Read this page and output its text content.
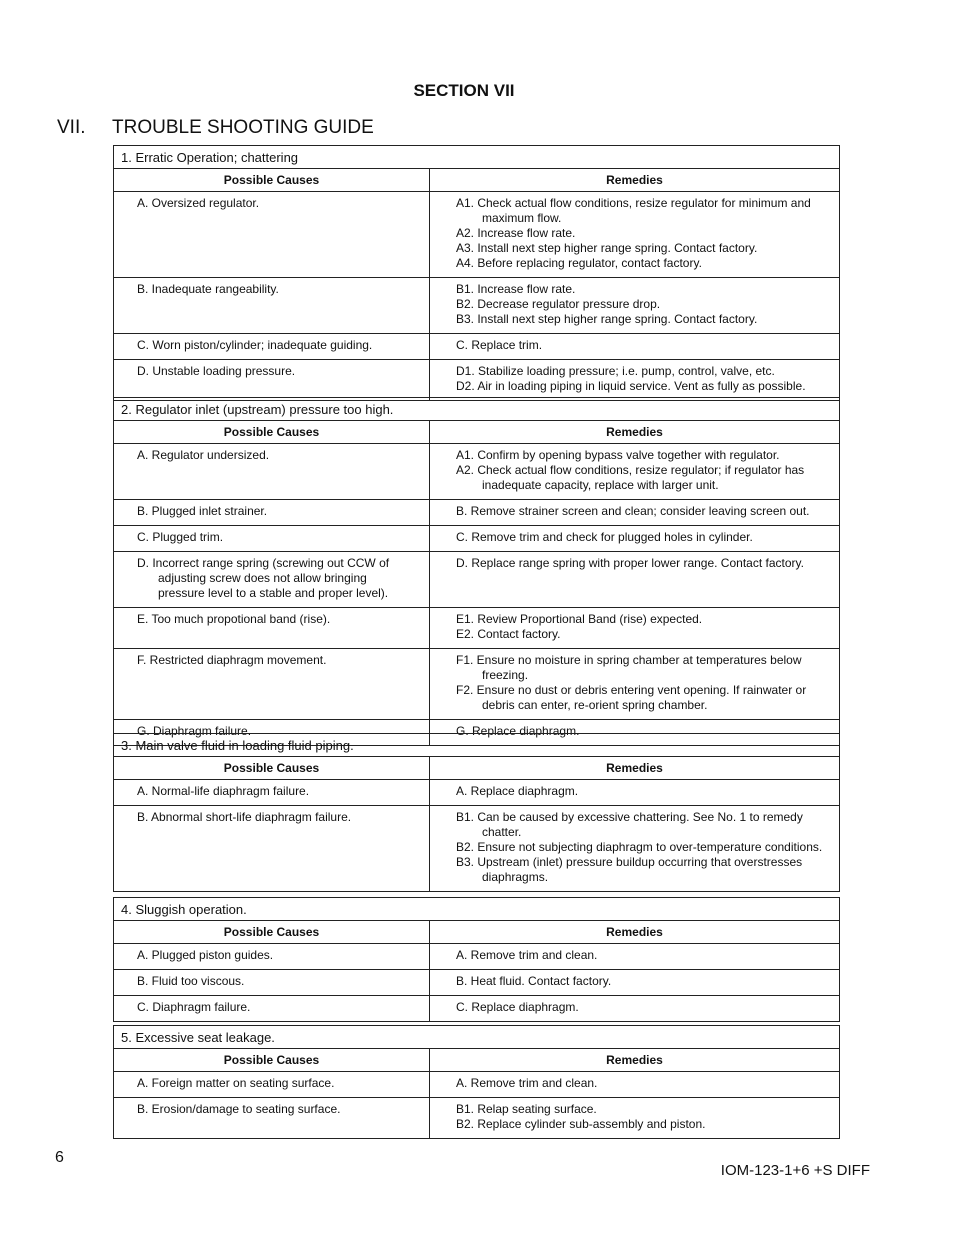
SECTION VII
VII. TROUBLE SHOOTING GUIDE
1. Erratic Operation; chattering
Possible Causes	Remedies

A. Oversized regulator.	A1. Check actual flow conditions, resize regulator for minimum and maximum flow.
A2. Increase flow rate.
A3. Install next step higher range spring. Contact factory.
A4. Before replacing regulator, contact factory.

B. Inadequate rangeability.	B1. Increase flow rate.
B2. Decrease regulator pressure drop.
B3. Install next step higher range spring. Contact factory.

C. Worn piston/cylinder; inadequate guiding.	C. Replace trim.

D. Unstable loading pressure.	D1. Stabilize loading pressure; i.e. pump, control, valve, etc.
D2. Air in loading piping in liquid service. Vent as fully as possible.
2. Regulator inlet (upstream) pressure too high.
Possible Causes	Remedies

A. Regulator undersized.	A1. Confirm by opening bypass valve together with regulator.
A2. Check actual flow conditions, resize regulator; if regulator has inadequate capacity, replace with larger unit.

B. Plugged inlet strainer.	B. Remove strainer screen and clean; consider leaving screen out.

C. Plugged trim.	C. Remove trim and check for plugged holes in cylinder.

D. Incorrect range spring (screwing out CCW of adjusting screw does not allow bringing pressure level to a stable and proper level).	D. Replace range spring with proper lower range. Contact factory.

E. Too much propotional band (rise).	E1. Review Proportional Band (rise) expected.
E2. Contact factory.

F. Restricted diaphragm movement.	F1. Ensure no moisture in spring chamber at temperatures below freezing.
F2. Ensure no dust or debris entering vent opening. If rainwater or debris can enter, re-orient spring chamber.

G. Diaphragm failure.	G. Replace diaphragm.
3. Main valve fluid in loading fluid piping.
Possible Causes	Remedies

A. Normal-life diaphragm failure.	A. Replace diaphragm.

B. Abnormal short-life diaphragm failure.	B1. Can be caused by excessive chattering. See No. 1 to remedy chatter.
B2. Ensure not subjecting diaphragm to over-temperature conditions.
B3. Upstream (inlet) pressure buildup occurring that overstresses diaphragms.
4. Sluggish operation.
Possible Causes	Remedies

A. Plugged piston guides.	A. Remove trim and clean.

B. Fluid too viscous.	B. Heat fluid. Contact factory.

C. Diaphragm failure.	C. Replace diaphragm.
5. Excessive seat leakage.
Possible Causes	Remedies

A. Foreign matter on seating surface.	A. Remove trim and clean.

B. Erosion/damage to seating surface.	B1. Relap seating surface.
B2. Replace cylinder sub-assembly and piston.
6
IOM-123-1+6 +S DIFF
